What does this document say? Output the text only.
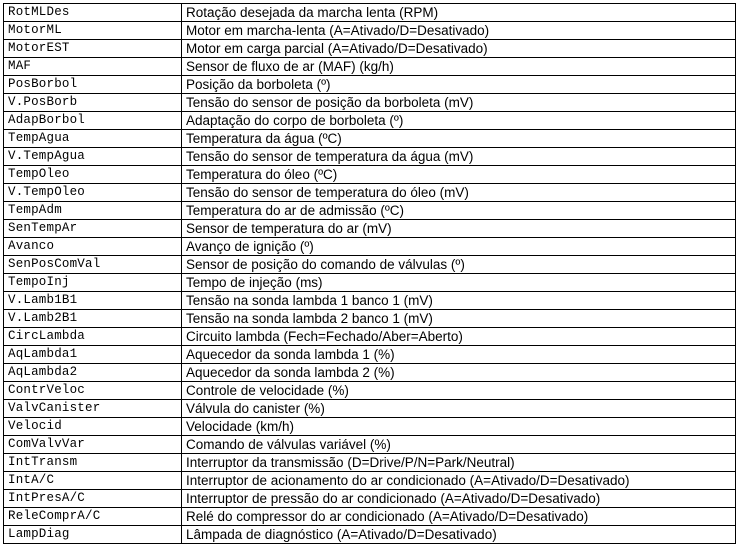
RotMLDes	Rotação desejada da marcha lenta (RPM)
MotorML	Motor em marcha-lenta (A=Ativado/D=Desativado)
MotorEST	Motor em carga parcial (A=Ativado/D=Desativado)
MAF	Sensor de fluxo de ar (MAF) (kg/h)
PosBorbol	Posição da borboleta (º)
V.PosBorb	Tensão do sensor de posição da borboleta (mV)
AdapBorbol	Adaptação do corpo de borboleta (º)
TempAgua	Temperatura da água (ºC)
V.TempAgua	Tensão do sensor de temperatura da água (mV)
TempOleo	Temperatura do óleo (ºC)
V.TempOleo	Tensão do sensor de temperatura do óleo (mV)
TempAdm	Temperatura do ar de admissão (ºC)
SenTempAr	Sensor de temperatura do ar (mV)
Avanco	Avanço de ignição (º)
SenPosComVal	Sensor de posição do comando de válvulas (º)
TempoInj	Tempo de injeção (ms)
V.Lamb1B1	Tensão na sonda lambda 1 banco 1 (mV)
V.Lamb2B1	Tensão na sonda lambda 2 banco 1 (mV)
CircLambda	Circuito lambda (Fech=Fechado/Aber=Aberto)
AqLambda1	Aquecedor da sonda lambda 1 (%)
AqLambda2	Aquecedor da sonda lambda 2 (%)
ContrVeloc	Controle de velocidade (%)
ValvCanister	Válvula do canister (%)
Velocid	Velocidade (km/h)
ComValvVar	Comando de válvulas variável (%)
IntTransm	Interruptor da transmissão (D=Drive/P/N=Park/Neutral)
IntA/C	Interruptor de acionamento do ar condicionado (A=Ativado/D=Desativado)
IntPresA/C	Interruptor de pressão do ar condicionado (A=Ativado/D=Desativado)
ReleComprA/C	Relé do compressor do ar condicionado (A=Ativado/D=Desativado)
LampDiag	Lâmpada de diagnóstico (A=Ativado/D=Desativado)
